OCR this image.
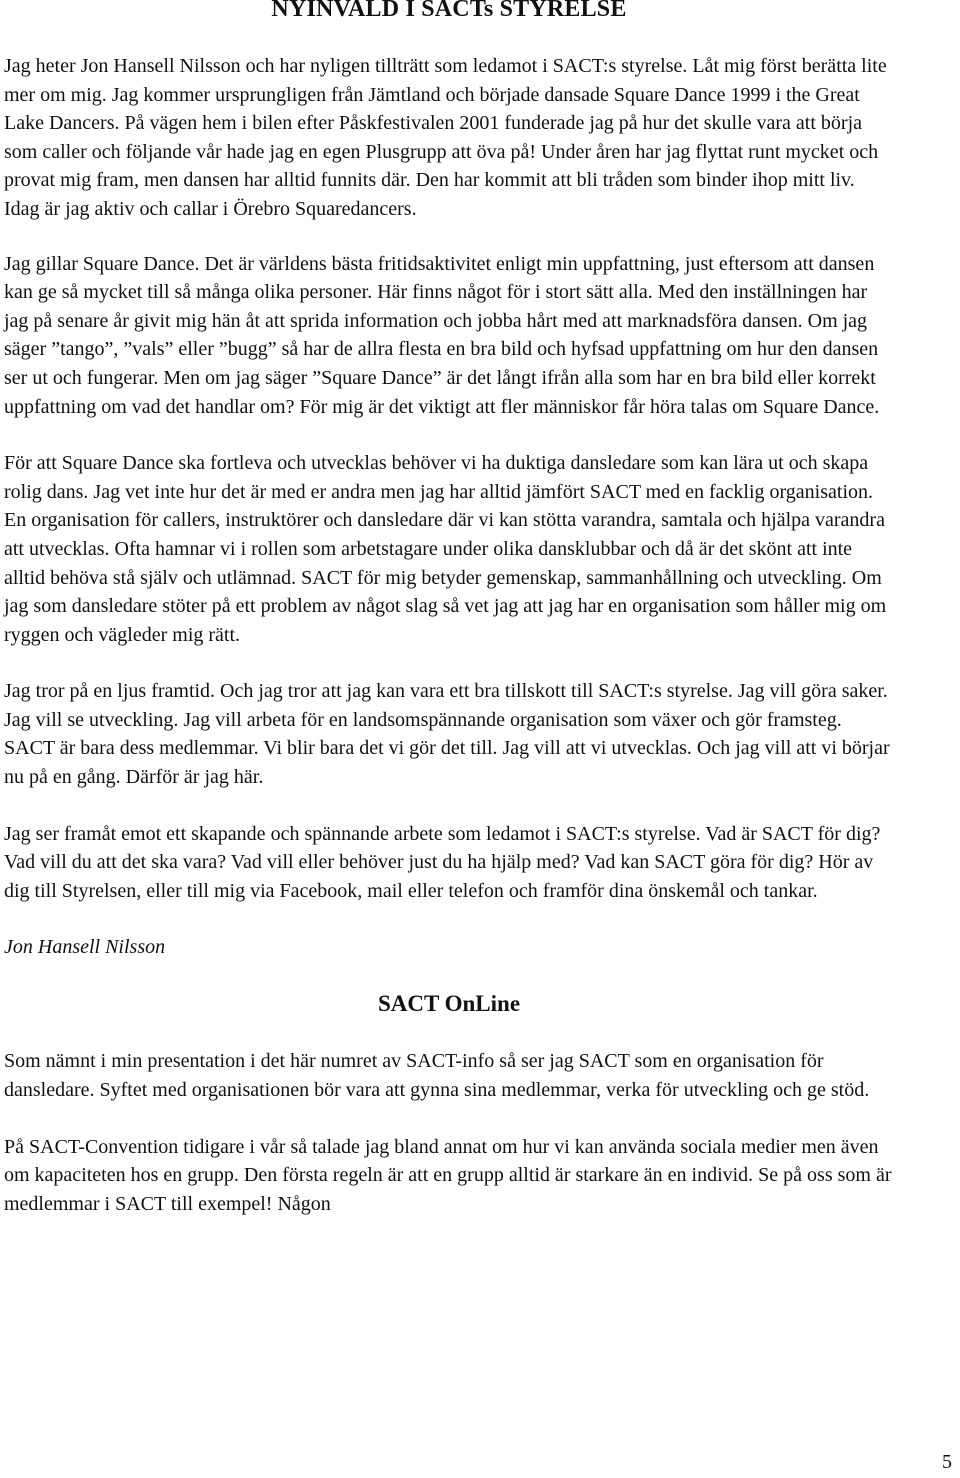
NYINVALD I SACTs STYRELSE

Jag heter Jon Hansell Nilsson och har nyligen tillträtt som ledamot i SACT:s styrelse. Låt mig först berätta lite mer om mig. Jag kommer ursprungligen från Jämtland och började dansade Square Dance 1999 i the Great Lake Dancers. På vägen hem i bilen efter Påskfestivalen 2001 funderade jag på hur det skulle vara att börja som caller och följande vår hade jag en egen Plusgrupp att öva på! Under åren har jag flyttat runt mycket och provat mig fram, men dansen har alltid funnits där. Den har kommit att bli tråden som binder ihop mitt liv. Idag är jag aktiv och callar i Örebro Squaredancers.

Jag gillar Square Dance. Det är världens bästa fritidsaktivitet enligt min uppfattning, just eftersom att dansen kan ge så mycket till så många olika personer. Här finns något för i stort sätt alla. Med den inställningen har jag på senare år givit mig hän åt att sprida information och jobba hårt med att marknadsföra dansen. Om jag säger ”tango”, ”vals” eller ”bugg” så har de allra flesta en bra bild och hyfsad uppfattning om hur den dansen ser ut och fungerar. Men om jag säger ”Square Dance” är det långt ifrån alla som har en bra bild eller korrekt uppfattning om vad det handlar om? För mig är det viktigt att fler människor får höra talas om Square Dance.

För att Square Dance ska fortleva och utvecklas behöver vi ha duktiga dansledare som kan lära ut och skapa rolig dans. Jag vet inte hur det är med er andra men jag har alltid jämfört SACT med en facklig organisation. En organisation för callers, instruktörer och dansledare där vi kan stötta varandra, samtala och hjälpa varandra att utvecklas. Ofta hamnar vi i rollen som arbetstagare under olika dansklubbar och då är det skönt att inte alltid behöva stå själv och utlämnad. SACT för mig betyder gemenskap, sammanhållning och utveckling. Om jag som dansledare stöter på ett problem av något slag så vet jag att jag har en organisation som håller mig om ryggen och vägleder mig rätt.

Jag tror på en ljus framtid. Och jag tror att jag kan vara ett bra tillskott till SACT:s styrelse. Jag vill göra saker. Jag vill se utveckling. Jag vill arbeta för en landsomspännande organisation som växer och gör framsteg. SACT är bara dess medlemmar. Vi blir bara det vi gör det till. Jag vill att vi utvecklas. Och jag vill att vi börjar nu på en gång. Därför är jag här.

Jag ser framåt emot ett skapande och spännande arbete som ledamot i SACT:s styrelse. Vad är SACT för dig? Vad vill du att det ska vara? Vad vill eller behöver just du ha hjälp med? Vad kan SACT göra för dig? Hör av dig till Styrelsen, eller till mig via Facebook, mail eller telefon och framför dina önskemål och tankar.

Jon Hansell Nilsson

SACT OnLine

Som nämnt i min presentation i det här numret av SACT-info så ser jag SACT som en organisation för dansledare. Syftet med organisationen bör vara att gynna sina medlemmar, verka för utveckling och ge stöd.

På SACT-Convention tidigare i vår så talade jag bland annat om hur vi kan använda sociala medier men även om kapaciteten hos en grupp. Den första regeln är att en grupp alltid är starkare än en individ. Se på oss som är medlemmar i SACT till exempel! Någon

5
